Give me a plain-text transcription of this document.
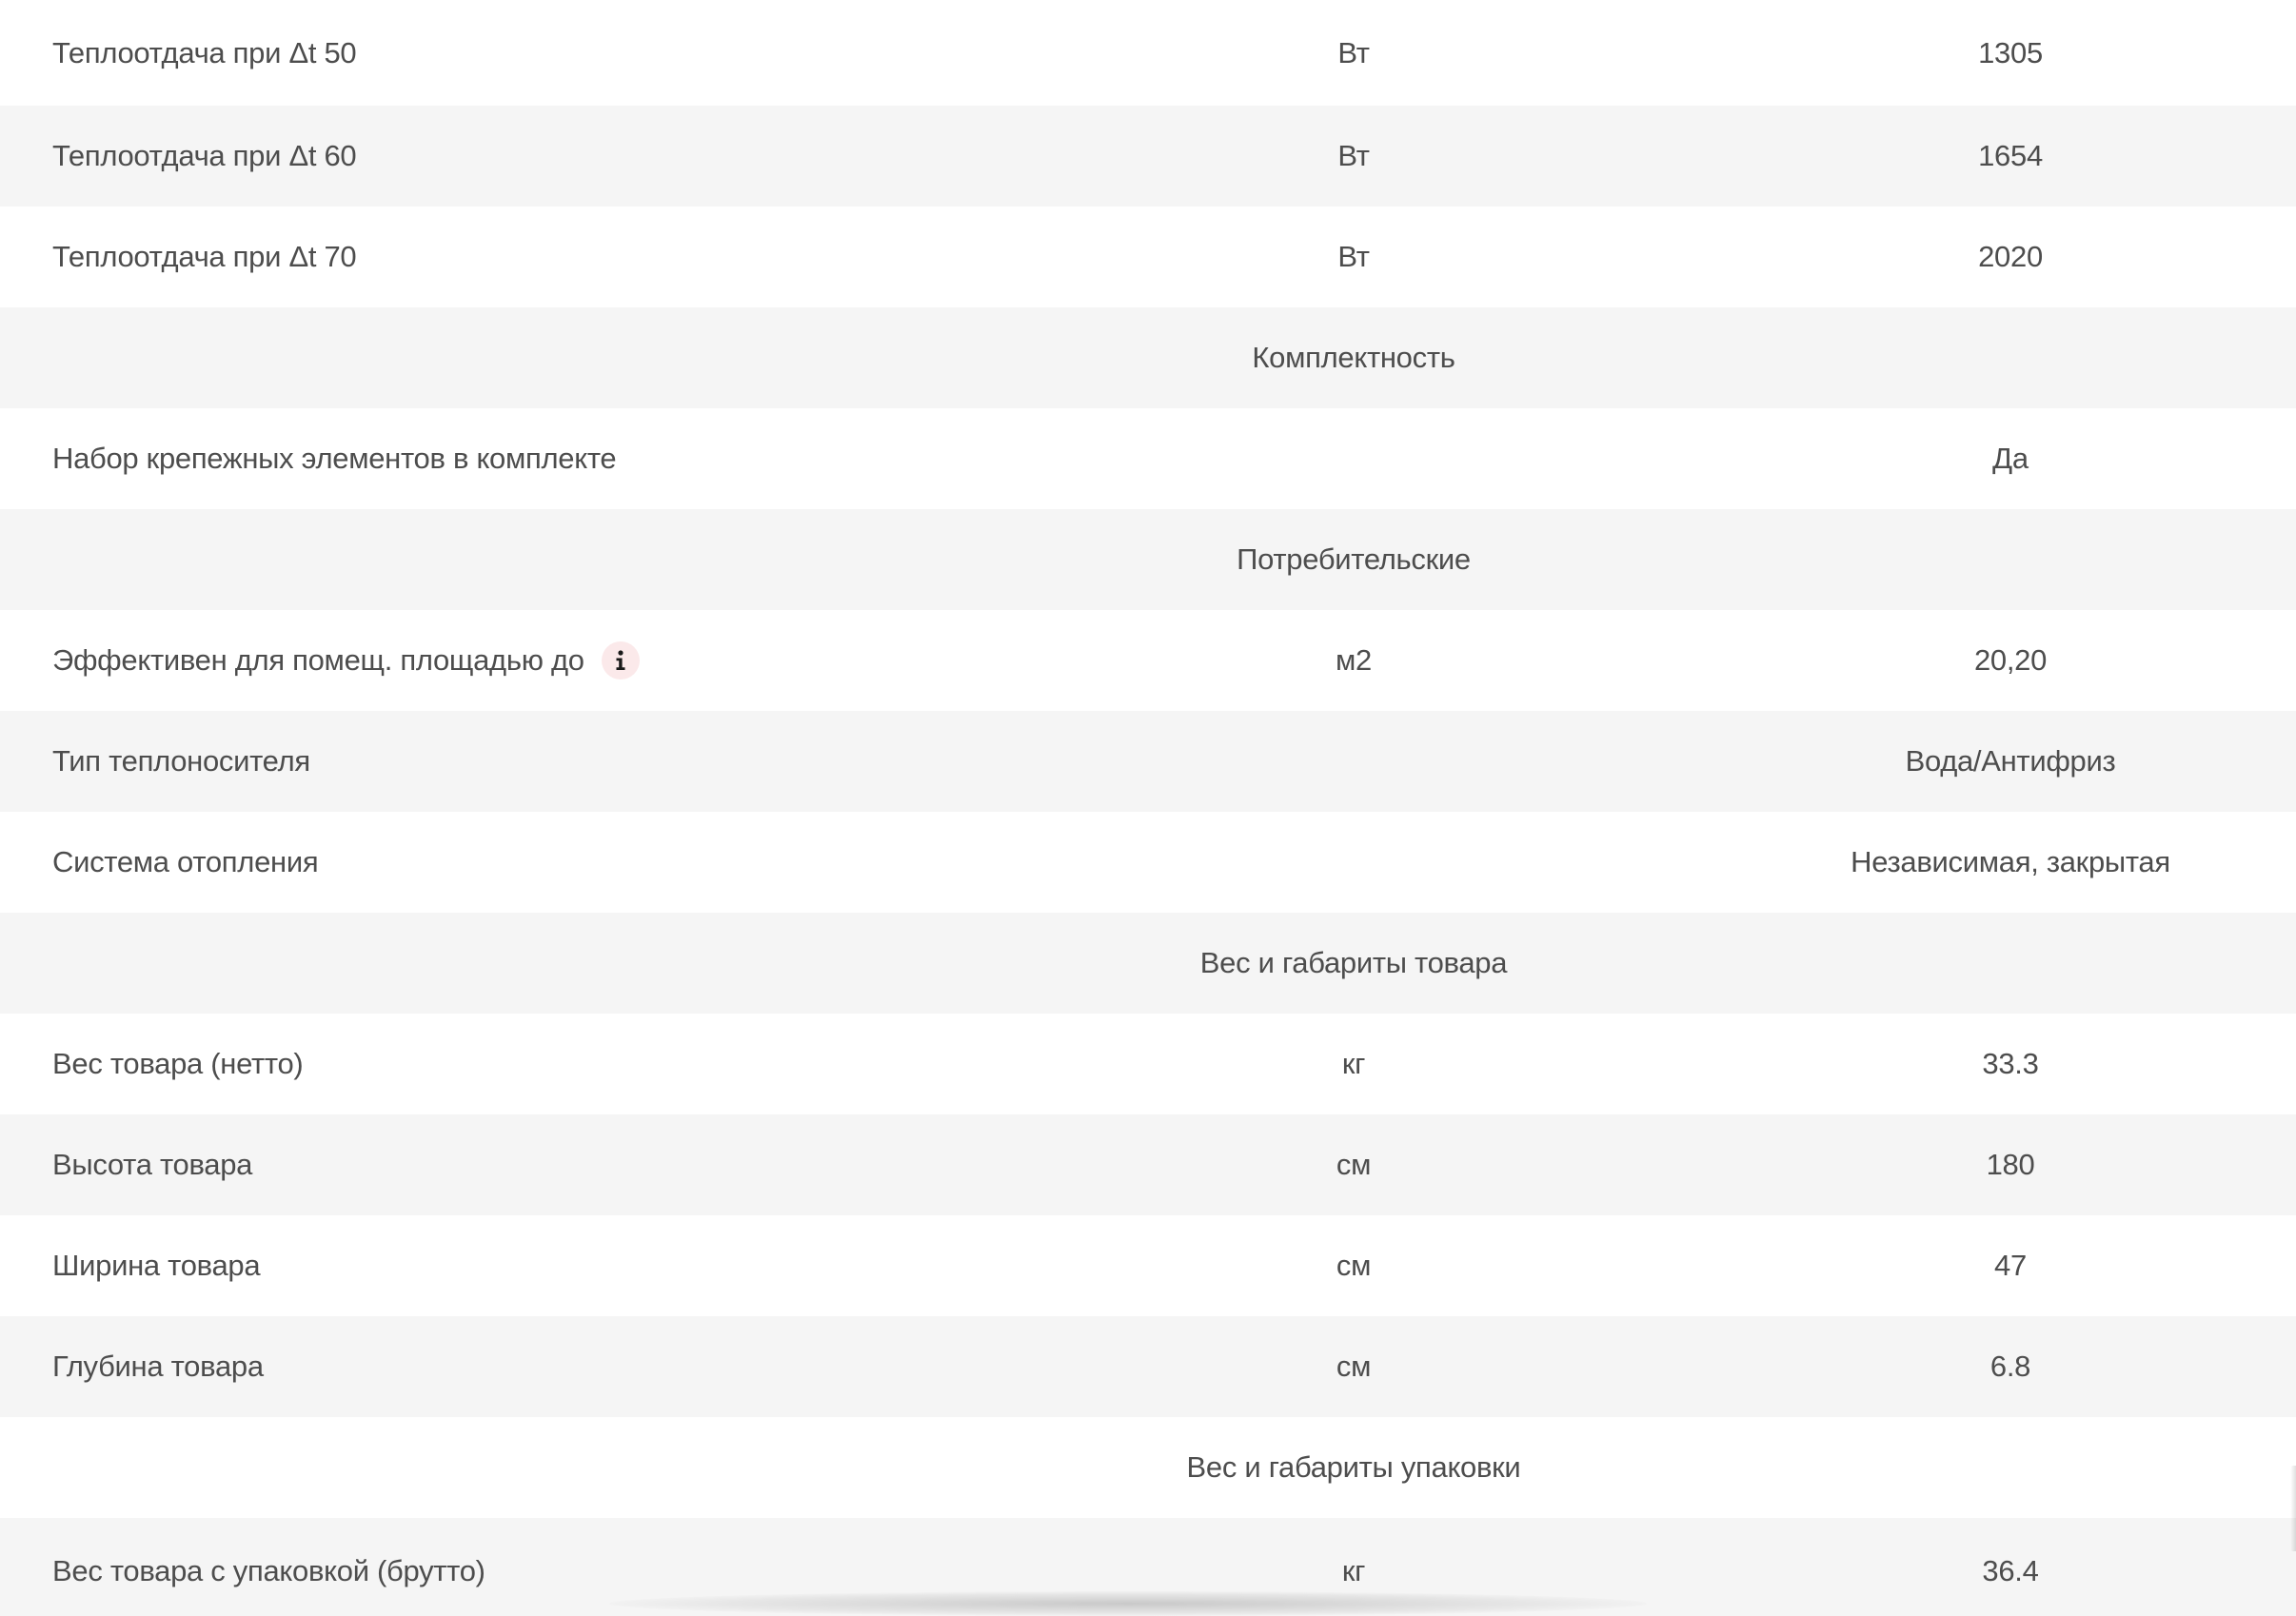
Теплоотдача при Δt 50	Вт	1305
Теплоотдача при Δt 60	Вт	1654
Теплоотдача при Δt 70	Вт	2020
Комплектность
Набор крепежных элементов в комплекте	Да
Потребительские
Эффективен для помещ. площадью до	м2	20,20
Тип теплоносителя	Вода/Антифриз
Система отопления	Независимая, закрытая
Вес и габариты товара
Вес товара (нетто)	кг	33.3
Высота товара	см	180
Ширина товара	см	47
Глубина товара	см	6.8
Вес и габариты упаковки
Вес товара с упаковкой (брутто)	кг	36.4
